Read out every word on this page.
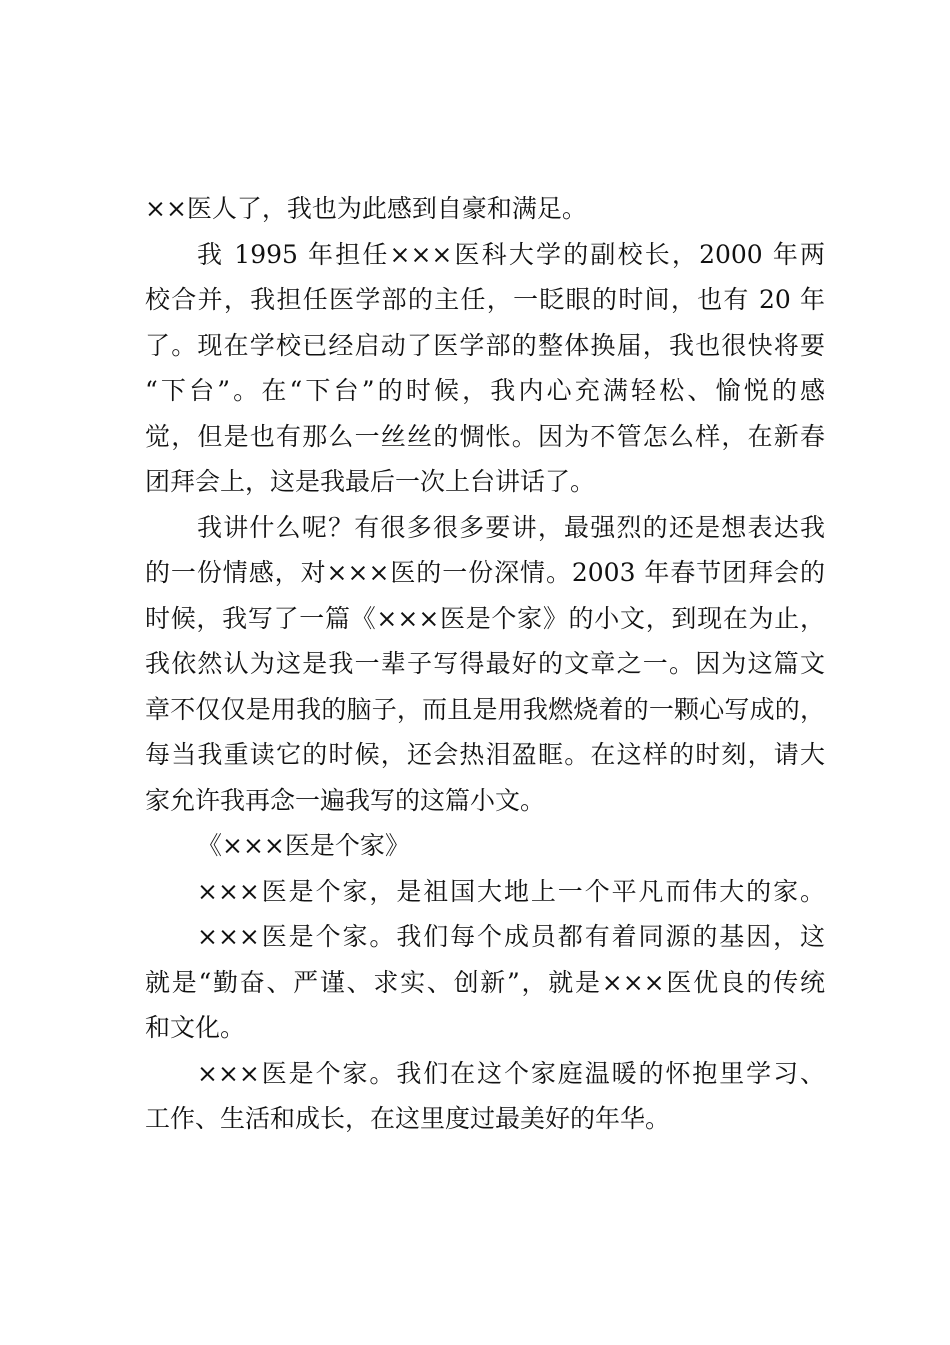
××医人了，我也为此感到自豪和满足。
我 1995 年担任×××医科大学的副校长，2000 年两
校合并，我担任医学部的主任，一眨眼的时间，也有 20 年
了。现在学校已经启动了医学部的整体换届，我也很快将要
“下台”。在“下台”的时候，我内心充满轻松、愉悦的感
觉，但是也有那么一丝丝的惆怅。因为不管怎么样，在新春
团拜会上，这是我最后一次上台讲话了。
我讲什么呢？有很多很多要讲，最强烈的还是想表达我
的一份情感，对×××医的一份深情。2003 年春节团拜会的
时候，我写了一篇《×××医是个家》的小文，到现在为止，
我依然认为这是我一辈子写得最好的文章之一。因为这篇文
章不仅仅是用我的脑子，而且是用我燃烧着的一颗心写成的，
每当我重读它的时候，还会热泪盈眶。在这样的时刻，请大
家允许我再念一遍我写的这篇小文。
《×××医是个家》
×××医是个家，是祖国大地上一个平凡而伟大的家。
×××医是个家。我们每个成员都有着同源的基因，这
就是“勤奋、严谨、求实、创新”，就是×××医优良的传统
和文化。
×××医是个家。我们在这个家庭温暖的怀抱里学习、
工作、生活和成长，在这里度过最美好的年华。
